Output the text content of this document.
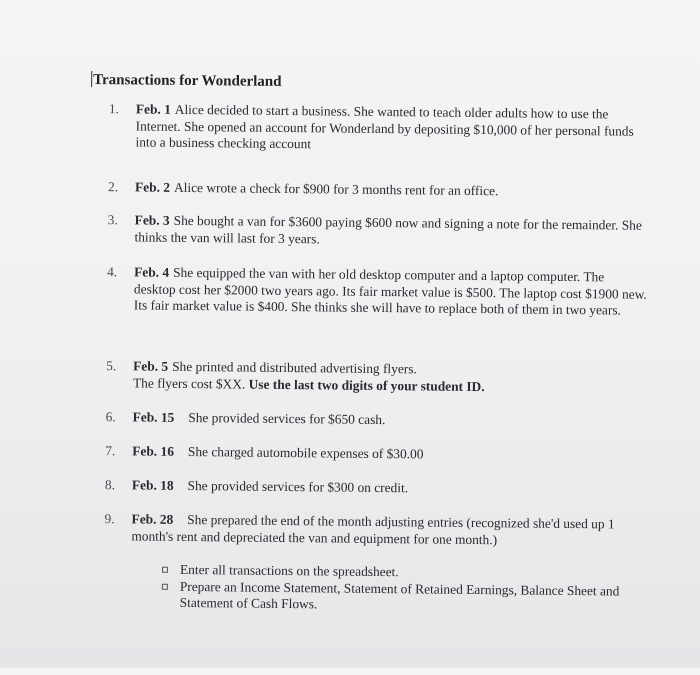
Transactions for Wonderland
1.	Feb. 1 Alice decided to start a business. She wanted to teach older adults how to use the Internet. She opened an account for Wonderland by depositing $10,000 of her personal funds into a business checking account
2.	Feb. 2 Alice wrote a check for $900 for 3 months rent for an office.
3.	Feb. 3 She bought a van for $3600 paying $600 now and signing a note for the remainder. She thinks the van will last for 3 years.
4.	Feb. 4 She equipped the van with her old desktop computer and a laptop computer. The desktop cost her $2000 two years ago. Its fair market value is $500. The laptop cost $1900 new. Its fair market value is $400. She thinks she will have to replace both of them in two years.
5.	Feb. 5 She printed and distributed advertising flyers.
The flyers cost $XX. Use the last two digits of your student ID.
6.	Feb. 15 She provided services for $650 cash.
7.	Feb. 16 She charged automobile expenses of $30.00
8.	Feb. 18 She provided services for $300 on credit.
9.	Feb. 28 She prepared the end of the month adjusting entries (recognized she'd used up 1 month's rent and depreciated the van and equipment for one month.)
Enter all transactions on the spreadsheet.
Prepare an Income Statement, Statement of Retained Earnings, Balance Sheet and Statement of Cash Flows.
